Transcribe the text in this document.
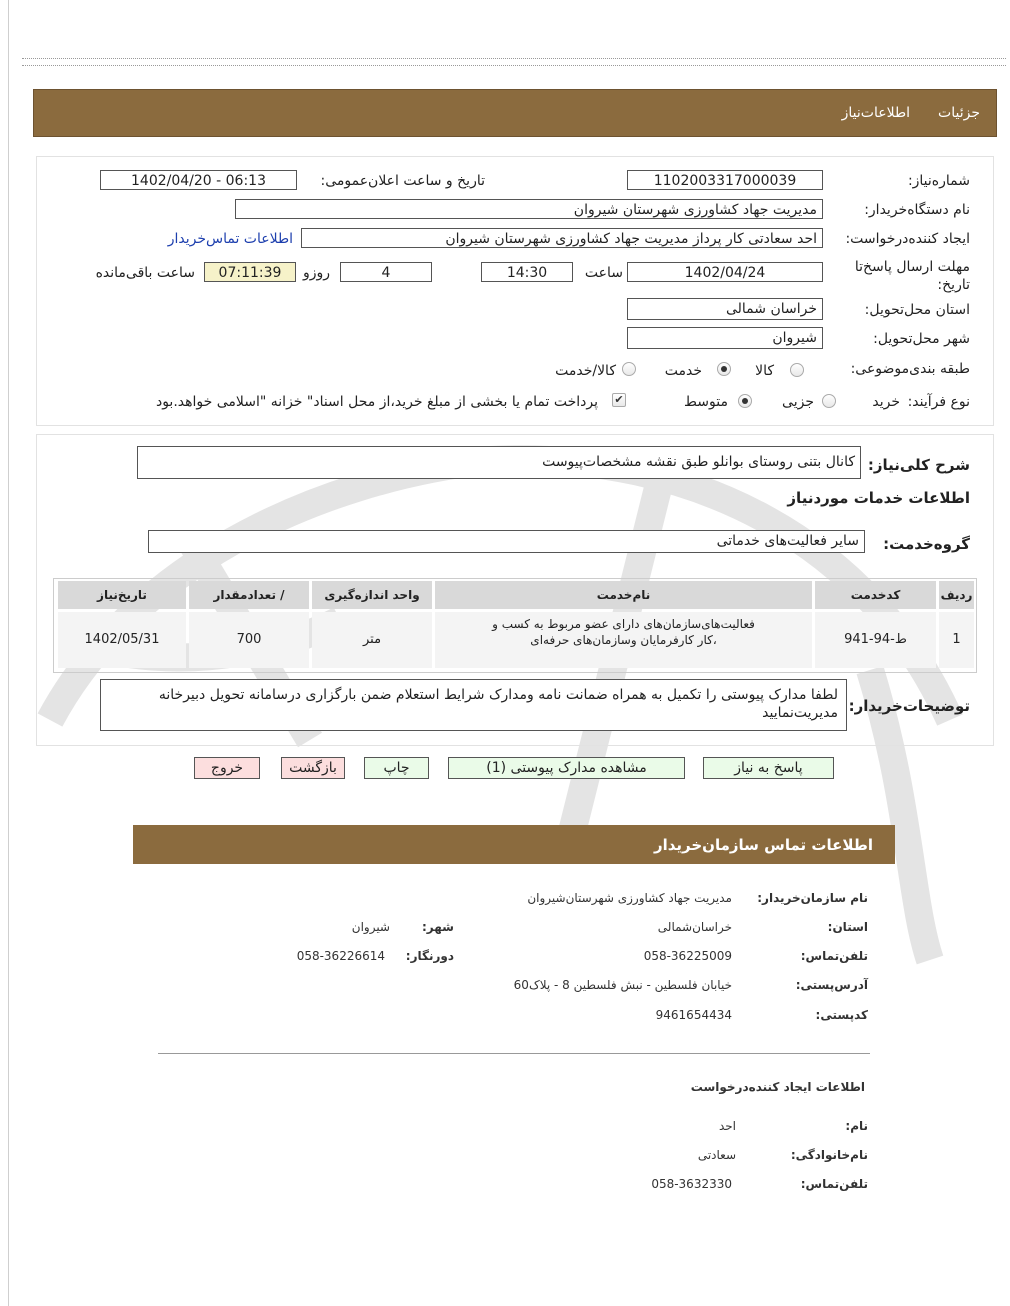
جزئیات
اطلاعات‌نیاز
شماره‌نیاز:
1102003317000039
تاریخ و ساعت اعلان‌عمومی:
1402/04/20 - 06:13
نام دستگاه‌خریدار:
مدیریت جهاد کشاورزی شهرستان شیروان
ایجاد کننده‌درخواست:
احد سعادتی کار پرداز مدیریت جهاد کشاورزی شهرستان شیروان
اطلاعات تماس‌خریدار
مهلت ارسال پاسخ‌تا تاریخ:
1402/04/24
ساعت
14:30
4
روزو
07:11:39
ساعت باقی‌مانده
استان محل‌تحویل:
خراسان شمالی
شهر محل‌تحویل:
شیروان
طبقه بندی‌موضوعی:
کالا
خدمت
کالا/خدمت
نوع فرآیند:
خرید
جزیی
متوسط
✔
پرداخت تمام یا بخشی از مبلغ خرید،از محل اسناد" خزانه "اسلامی خواهد.بود
شرح کلی‌نیاز:
کانال بتنی روستای بوانلو طبق نقشه مشخصات‌پیوست
اطلاعات خدمات موردنیاز
گروه‌خدمت:
سایر فعالیت‌های خدماتی
ردیف
کدخدمت
نام‌خدمت
واحد اندازه‌گیری
تعدادمقدار /
تاریخ‌نیاز
1
ط-94-941
فعالیت‌های‌سازمان‌های دارای عضو مربوط به کسب و ،کار کارفرمایان وسازمان‌های حرفه‌ای
متر
700
1402/05/31
توضیحات‌خریدار:
لطفا مدارک پیوستی را تکمیل به همراه ضمانت نامه ومدارک شرایط استعلام ضمن بارگزاری درسامانه تحویل دبیرخانه مدیریت‌نمایید
پاسخ به نیاز
مشاهده مدارک پیوستی (1)
چاپ
بازگشت
خروج
اطلاعات تماس سازمان‌خریدار
نام سازمان‌خریدار:
مدیریت جهاد کشاورزی شهرستان‌شیروان
استان:
خراسان‌شمالی
شهر:
شیروان
تلفن‌تماس:
058-36225009
دورنگار:
058-36226614
آدرس‌پستی:
خیابان فلسطین - نبش فلسطین 8 - پلاک60
کدپستی:
9461654434
اطلاعات ایجاد کننده‌درخواست
نام:
احد
نام‌خانوادگی:
سعادتی
تلفن‌تماس:
058-3632330
